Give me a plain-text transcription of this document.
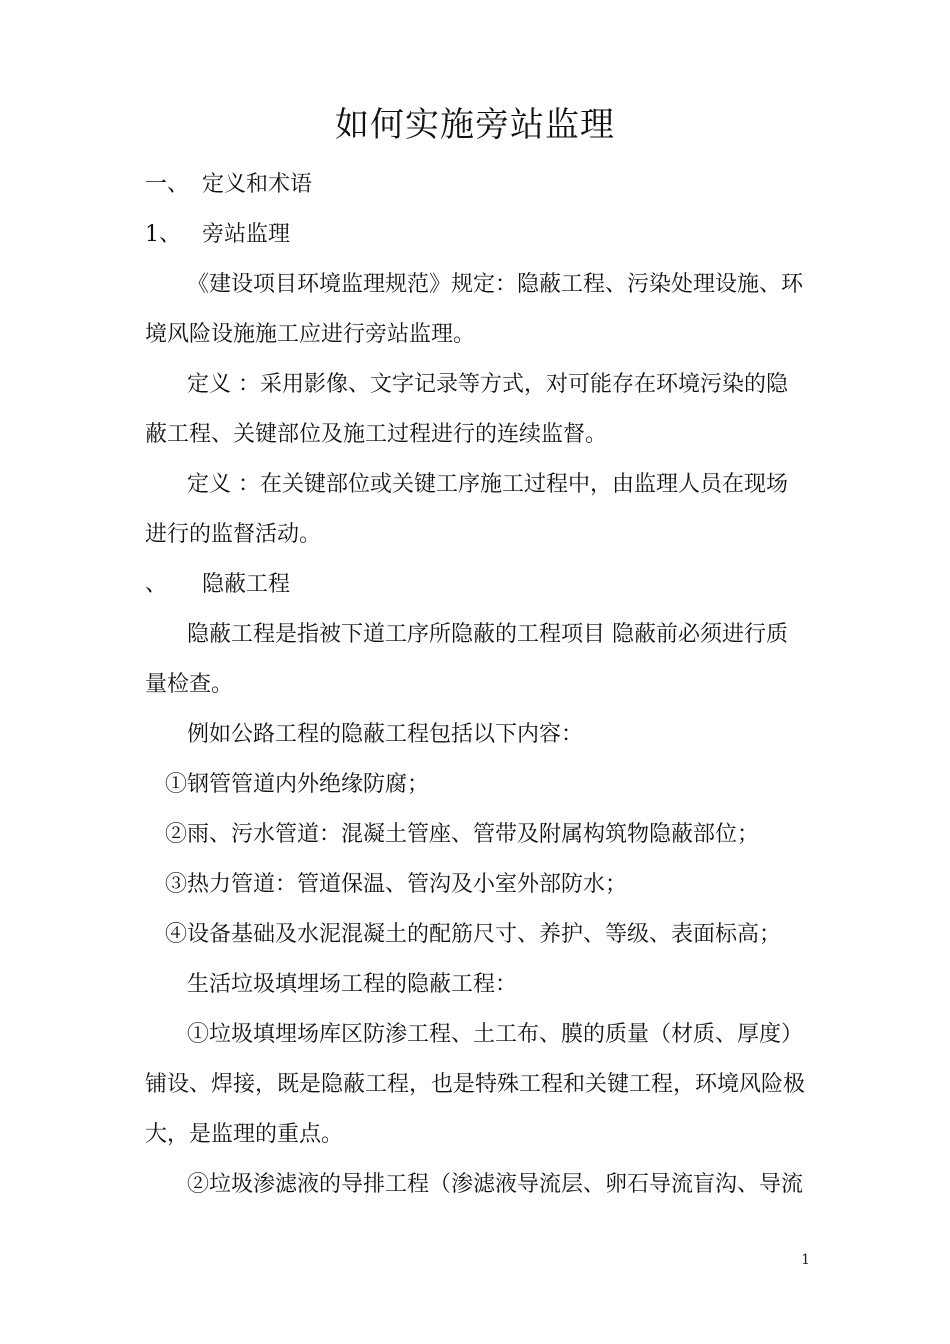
如何实施旁站监理
一、 定义和术语
1、 旁站监理
《建设项目环境监理规范》规定：隐蔽工程、污染处理设施、环
境风险设施施工应进行旁站监理。
定义 ：采用影像、文字记录等方式，对可能存在环境污染的隐
蔽工程、关键部位及施工过程进行的连续监督。
定义 ：在关键部位或关键工序施工过程中，由监理人员在现场
进行的监督活动。
、 隐蔽工程
隐蔽工程是指被下道工序所隐蔽的工程项目 隐蔽前必须进行质
量检查。
例如公路工程的隐蔽工程包括以下内容：
①钢管管道内外绝缘防腐；
②雨、污水管道：混凝土管座、管带及附属构筑物隐蔽部位；
③热力管道：管道保温、管沟及小室外部防水；
④设备基础及水泥混凝土的配筋尺寸、养护、等级、表面标高；
生活垃圾填埋场工程的隐蔽工程：
①垃圾填埋场库区防渗工程、土工布、膜的质量（材质、厚度）
铺设、焊接，既是隐蔽工程，也是特殊工程和关键工程，环境风险极
大，是监理的重点。
②垃圾渗滤液的导排工程（渗滤液导流层、卵石导流盲沟、导流
1
